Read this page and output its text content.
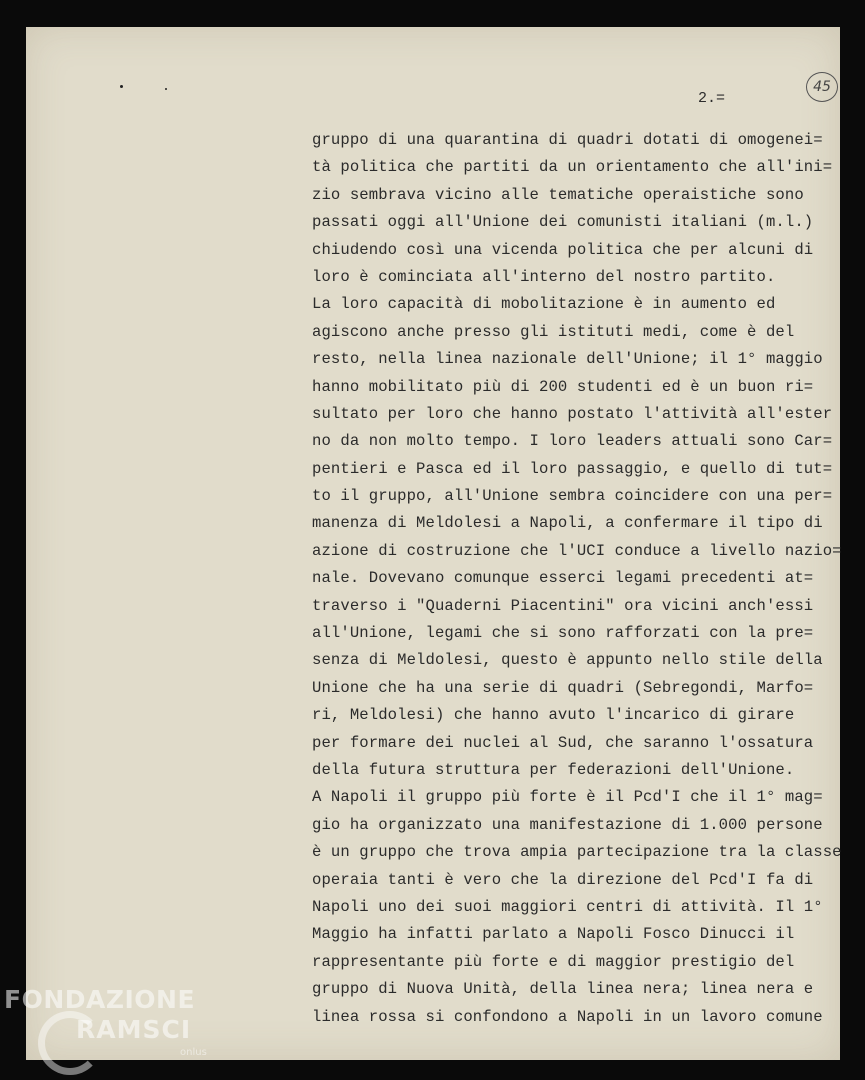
2.=
45
gruppo di una quarantina di quadri dotati di omogenei=
tà politica che partiti da un orientamento che all'ini=
zio sembrava vicino alle tematiche operaistiche sono
passati oggi all'Unione dei comunisti italiani (m.l.)
chiudendo così una vicenda politica che per alcuni di
loro è cominciata all'interno del nostro partito.
La loro capacità di mobolitazione è in aumento ed
agiscono anche presso gli istituti medi, come è del
resto, nella linea nazionale dell'Unione; il 1° maggio
hanno mobilitato più di 200 studenti ed è un buon ri=
sultato per loro che hanno postato l'attività all'ester
no da non molto tempo. I loro leaders attuali sono Car=
pentieri e Pasca ed il loro passaggio, e quello di tut=
to il gruppo, all'Unione sembra coincidere con una per=
manenza di Meldolesi a Napoli, a confermare il tipo di
azione di costruzione che l'UCI conduce a livello nazio=
nale. Dovevano comunque esserci legami precedenti at=
traverso i "Quaderni Piacentini" ora vicini anch'essi
all'Unione, legami che si sono rafforzati con la pre=
senza di Meldolesi, questo è appunto nello stile della
Unione che ha una serie di quadri (Sebregondi, Marfo=
ri, Meldolesi) che hanno avuto l'incarico di girare
per formare dei nuclei al Sud, che saranno l'ossatura
della futura struttura per federazioni dell'Unione.
A Napoli il gruppo più forte è il Pcd'I che il 1° mag=
gio ha organizzato una manifestazione di 1.000 persone
è un gruppo che trova ampia partecipazione tra la classe
operaia tanti è vero che la direzione del Pcd'I fa di
Napoli uno dei suoi maggiori centri di attività. Il 1°
Maggio ha infatti parlato a Napoli Fosco Dinucci il
rappresentante più forte e di maggior prestigio del
gruppo di Nuova Unità, della linea nera; linea nera e
linea rossa si confondono a Napoli in un lavoro comune
FONDAZIONE
RAMSCI
onlus
